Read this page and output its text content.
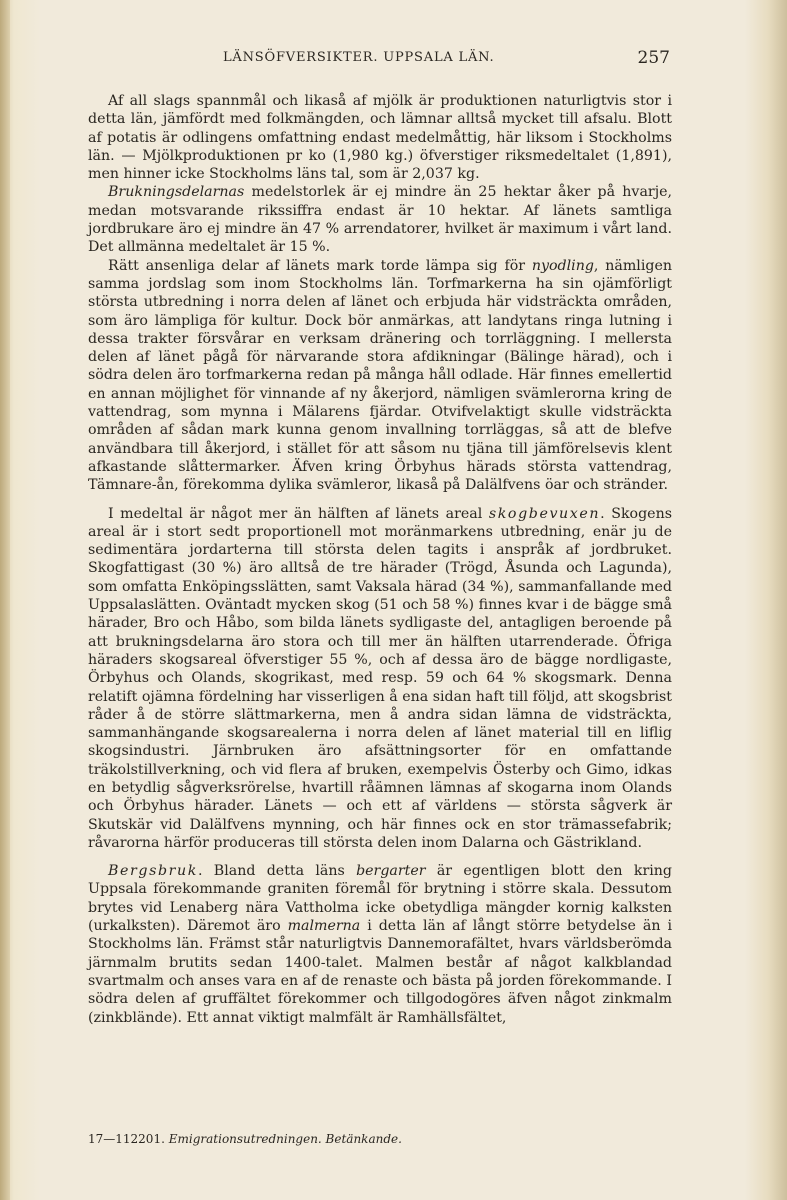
LÄNSÖFVERSIKTER. UPPSALA LÄN.	257

Af all slags spannmål och likaså af mjölk är produktionen naturligtvis stor i detta län, jämfördt med folkmängden, och lämnar alltså mycket till afsalu. Blott af potatis är odlingens omfattning endast medelmåttig, här liksom i Stockholms län. — Mjölkproduktionen pr ko (1,980 kg.) öfverstiger riksmedeltalet (1,891), men hinner icke Stockholms läns tal, som är 2,037 kg.

Brukningsdelarnas medelstorlek är ej mindre än 25 hektar åker på hvarje, medan motsvarande rikssiffra endast är 10 hektar. Af länets samtliga jordbrukare äro ej mindre än 47 % arrendatorer, hvilket är maximum i vårt land. Det allmänna medeltalet är 15 %.

Rätt ansenliga delar af länets mark torde lämpa sig för nyodling, nämligen samma jordslag som inom Stockholms län. Torfmarkerna ha sin ojämförligt största utbredning i norra delen af länet och erbjuda här vidsträckta områden, som äro lämpliga för kultur. Dock bör anmärkas, att landytans ringa lutning i dessa trakter försvårar en verksam dränering och torrläggning. I mellersta delen af länet pågå för närvarande stora afdikningar (Bälinge härad), och i södra delen äro torfmarkerna redan på många håll odlade. Här finnes emellertid en annan möjlighet för vinnande af ny åkerjord, nämligen svämlerorna kring de vattendrag, som mynna i Mälarens fjärdar. Otvifvelaktigt skulle vidsträckta områden af sådan mark kunna genom invallning torrläggas, så att de blefve användbara till åkerjord, i stället för att såsom nu tjäna till jämförelsevis klent afkastande slåttermarker. Äfven kring Örbyhus härads största vattendrag, Tämnare-ån, förekomma dylika svämleror, likaså på Dalälfvens öar och stränder.

I medeltal är något mer än hälften af länets areal skogbevuxen. Skogens areal är i stort sedt proportionell mot moränmarkens utbredning, enär ju de sedimentära jordarterna till största delen tagits i anspråk af jordbruket. Skogfattigast (30 %) äro alltså de tre härader (Trögd, Åsunda och Lagunda), som omfatta Enköpingsslätten, samt Vaksala härad (34 %), sammanfallande med Uppsalaslätten. Oväntadt mycken skog (51 och 58 %) finnes kvar i de bägge små härader, Bro och Håbo, som bilda länets sydligaste del, antagligen beroende på att brukningsdelarna äro stora och till mer än hälften utarrenderade. Öfriga häraders skogsareal öfverstiger 55 %, och af dessa äro de bägge nordligaste, Örbyhus och Olands, skogrikast, med resp. 59 och 64 % skogsmark. Denna relatift ojämna fördelning har visserligen å ena sidan haft till följd, att skogsbrist råder å de större slättmarkerna, men å andra sidan lämna de vidsträckta, sammanhängande skogsarealerna i norra delen af länet material till en liflig skogsindustri. Järnbruken äro afsättningsorter för en omfattande träkolstillverkning, och vid flera af bruken, exempelvis Österby och Gimo, idkas en betydlig sågverksrörelse, hvartill råämnen lämnas af skogarna inom Olands och Örbyhus härader. Länets — och ett af världens — största sågverk är Skutskär vid Dalälfvens mynning, och här finnes ock en stor trämassefabrik; råvarorna härför produceras till största delen inom Dalarna och Gästrikland.

Bergsbruk. Bland detta läns bergarter är egentligen blott den kring Uppsala förekommande graniten föremål för brytning i större skala. Dessutom brytes vid Lenaberg nära Vattholma icke obetydliga mängder kornig kalksten (urkalksten). Däremot äro malmerna i detta län af långt större betydelse än i Stockholms län. Främst står naturligtvis Dannemorafältet, hvars världsberömda järnmalm brutits sedan 1400-talet. Malmen består af något kalkblandad svartmalm och anses vara en af de renaste och bästa på jorden förekommande. I södra delen af gruffältet förekommer och tillgodogöres äfven något zinkmalm (zinkblände). Ett annat viktigt malmfält är Ramhällsfältet,

17—112201. Emigrationsutredningen. Betänkande.
